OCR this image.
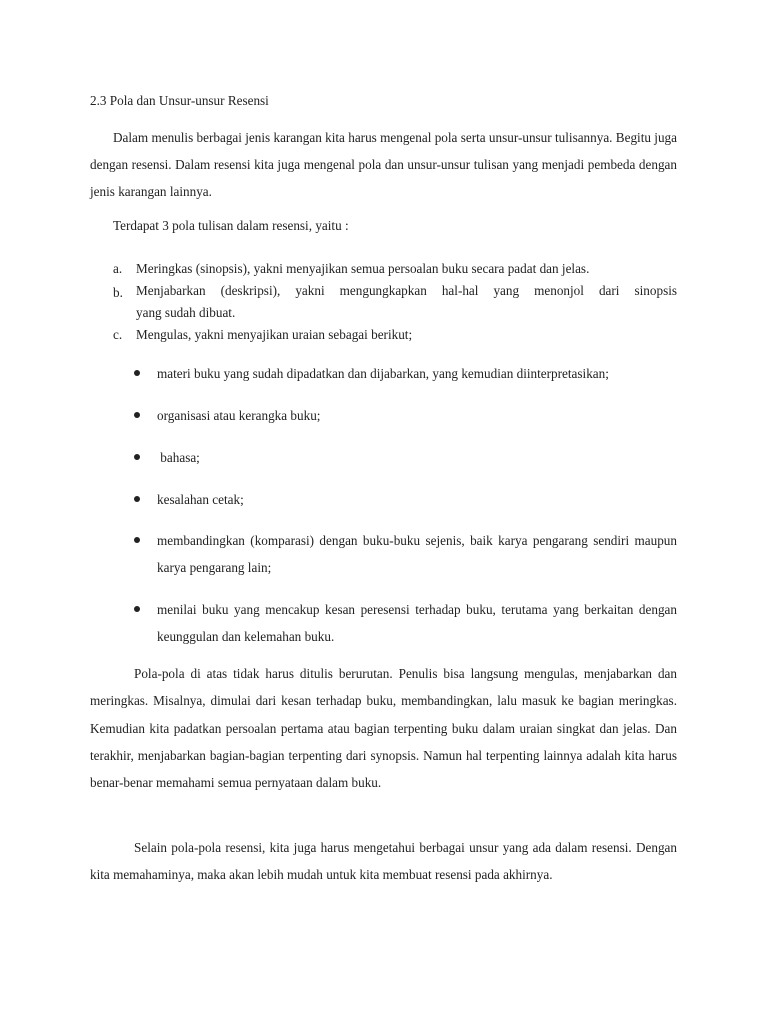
2.3 Pola dan Unsur-unsur Resensi
Dalam menulis berbagai jenis karangan kita harus mengenal pola serta unsur-unsur tulisannya. Begitu juga dengan resensi. Dalam resensi kita juga mengenal pola dan unsur-unsur tulisan yang menjadi pembeda dengan jenis karangan lainnya.
Terdapat 3 pola tulisan dalam resensi, yaitu :
a. Meringkas (sinopsis), yakni menyajikan semua persoalan buku secara padat dan jelas.
b. Menjabarkan (deskripsi), yakni mengungkapkan hal-hal yang menonjol dari sinopsis
yang sudah dibuat.
c. Mengulas, yakni menyajikan uraian sebagai berikut;
materi buku yang sudah dipadatkan dan dijabarkan, yang kemudian diinterpretasikan;
organisasi atau kerangka buku;
bahasa;
kesalahan cetak;
membandingkan (komparasi) dengan buku-buku sejenis, baik karya pengarang sendiri maupun karya pengarang lain;
menilai buku yang mencakup kesan peresensi terhadap buku, terutama yang berkaitan dengan keunggulan dan kelemahan buku.
Pola-pola di atas tidak harus ditulis berurutan. Penulis bisa langsung mengulas, menjabarkan dan meringkas. Misalnya, dimulai dari kesan terhadap buku, membandingkan, lalu masuk ke bagian meringkas. Kemudian kita padatkan persoalan pertama atau bagian terpenting buku dalam uraian singkat dan jelas. Dan terakhir, menjabarkan bagian-bagian terpenting dari synopsis. Namun hal terpenting lainnya adalah kita harus benar-benar memahami semua pernyataan dalam buku.
Selain pola-pola resensi, kita juga harus mengetahui berbagai unsur yang ada dalam resensi. Dengan kita memahaminya, maka akan lebih mudah untuk kita membuat resensi pada akhirnya.
